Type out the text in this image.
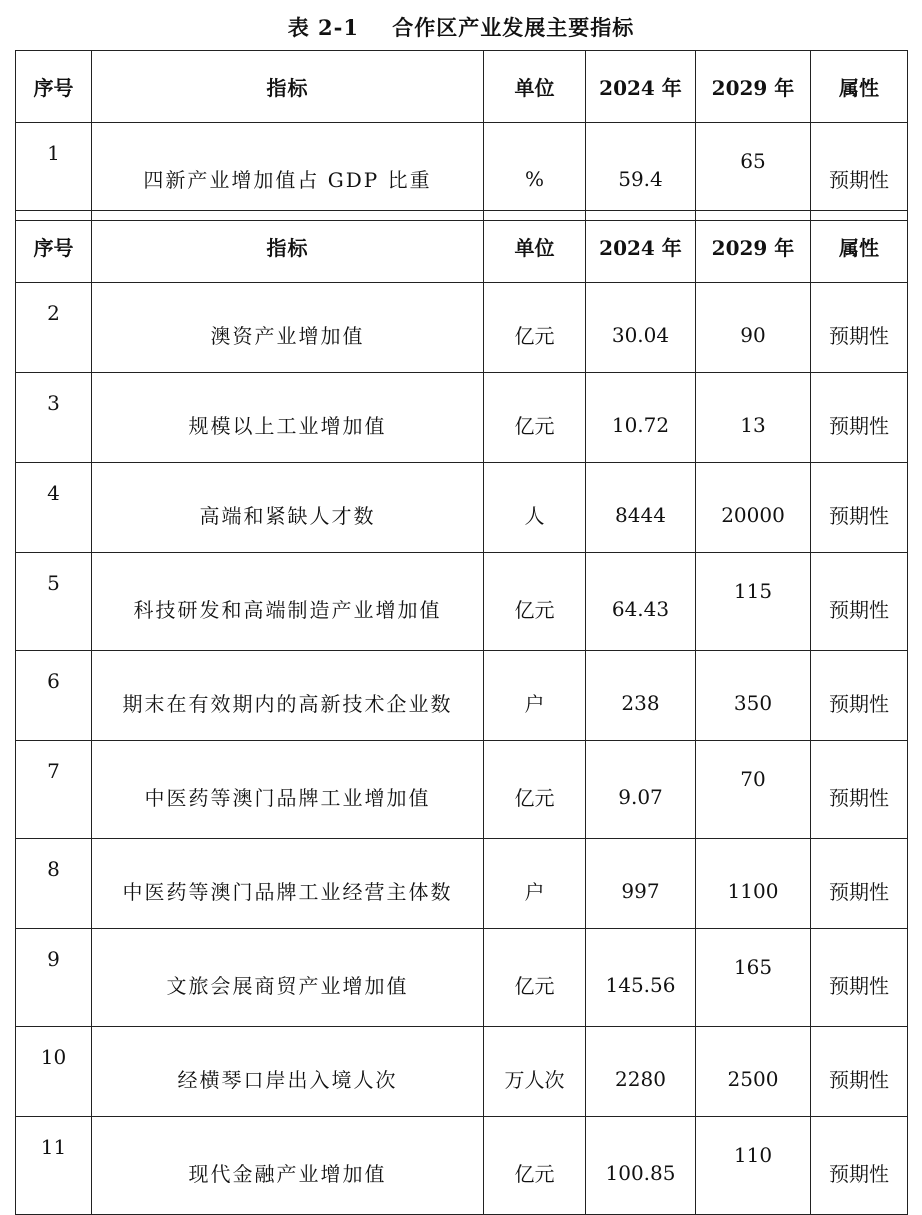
表 2-1    合作区产业发展主要指标
序号	指标	单位	2024 年	2029 年	属性
1	四新产业增加值占 GDP 比重	%	59.4	65	预期性
序号	指标	单位	2024 年	2029 年	属性
2	澳资产业增加值	亿元	30.04	90	预期性
3	规模以上工业增加值	亿元	10.72	13	预期性
4	高端和紧缺人才数	人	8444	20000	预期性
5	科技研发和高端制造产业增加值	亿元	64.43	115	预期性
6	期末在有效期内的高新技术企业数	户	238	350	预期性
7	中医药等澳门品牌工业增加值	亿元	9.07	70	预期性
8	中医药等澳门品牌工业经营主体数	户	997	1100	预期性
9	文旅会展商贸产业增加值	亿元	145.56	165	预期性
10	经横琴口岸出入境人次	万人次	2280	2500	预期性
11	现代金融产业增加值	亿元	100.85	110	预期性
